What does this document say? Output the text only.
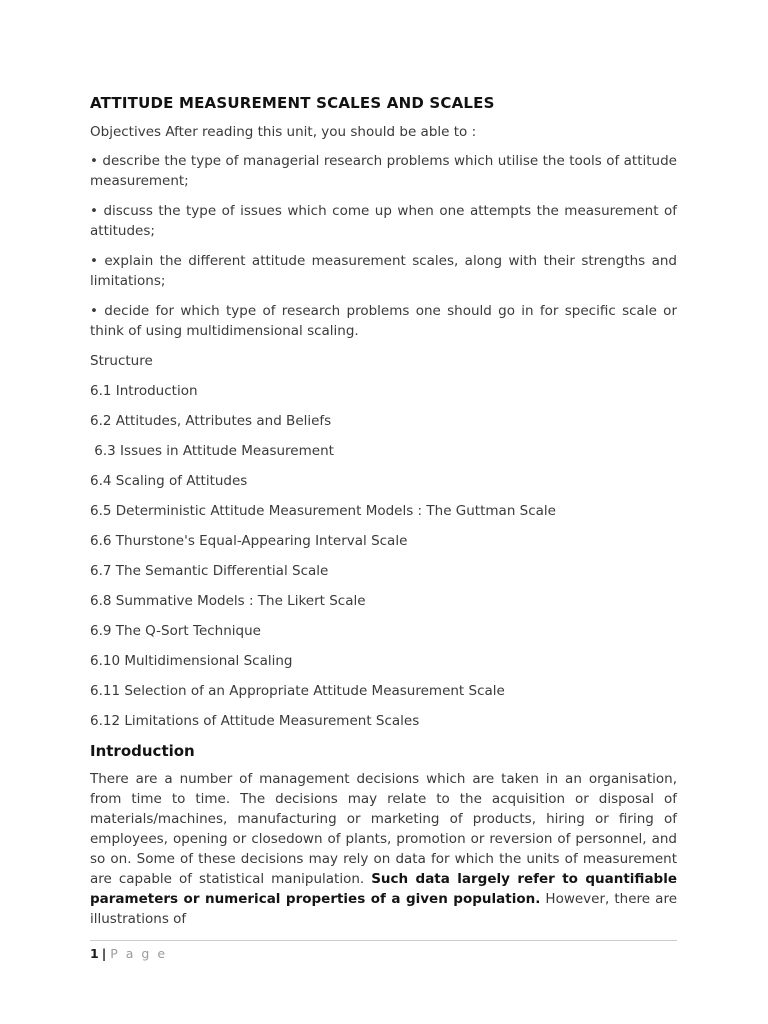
ATTITUDE MEASUREMENT SCALES AND SCALES

Objectives After reading this unit, you should be able to :

• describe the type of managerial research problems which utilise the tools of attitude measurement;

• discuss the type of issues which come up when one attempts the measurement of attitudes;

• explain the different attitude measurement scales, along with their strengths and limitations;

• decide for which type of research problems one should go in for specific scale or think of using multidimensional scaling.

Structure

6.1 Introduction

6.2 Attitudes, Attributes and Beliefs

6.3 Issues in Attitude Measurement

6.4 Scaling of Attitudes

6.5 Deterministic Attitude Measurement Models : The Guttman Scale

6.6 Thurstone's Equal-Appearing Interval Scale

6.7 The Semantic Differential Scale

6.8 Summative Models : The Likert Scale

6.9 The Q-Sort Technique

6.10 Multidimensional Scaling

6.11 Selection of an Appropriate Attitude Measurement Scale

6.12 Limitations of Attitude Measurement Scales

Introduction

There are a number of management decisions which are taken in an organisation, from time to time. The decisions may relate to the acquisition or disposal of materials/machines, manufacturing or marketing of products, hiring or firing of employees, opening or closedown of plants, promotion or reversion of personnel, and so on. Some of these decisions may rely on data for which the units of measurement are capable of statistical manipulation. Such data largely refer to quantifiable parameters or numerical properties of a given population. However, there are illustrations of

1 | P a g e
